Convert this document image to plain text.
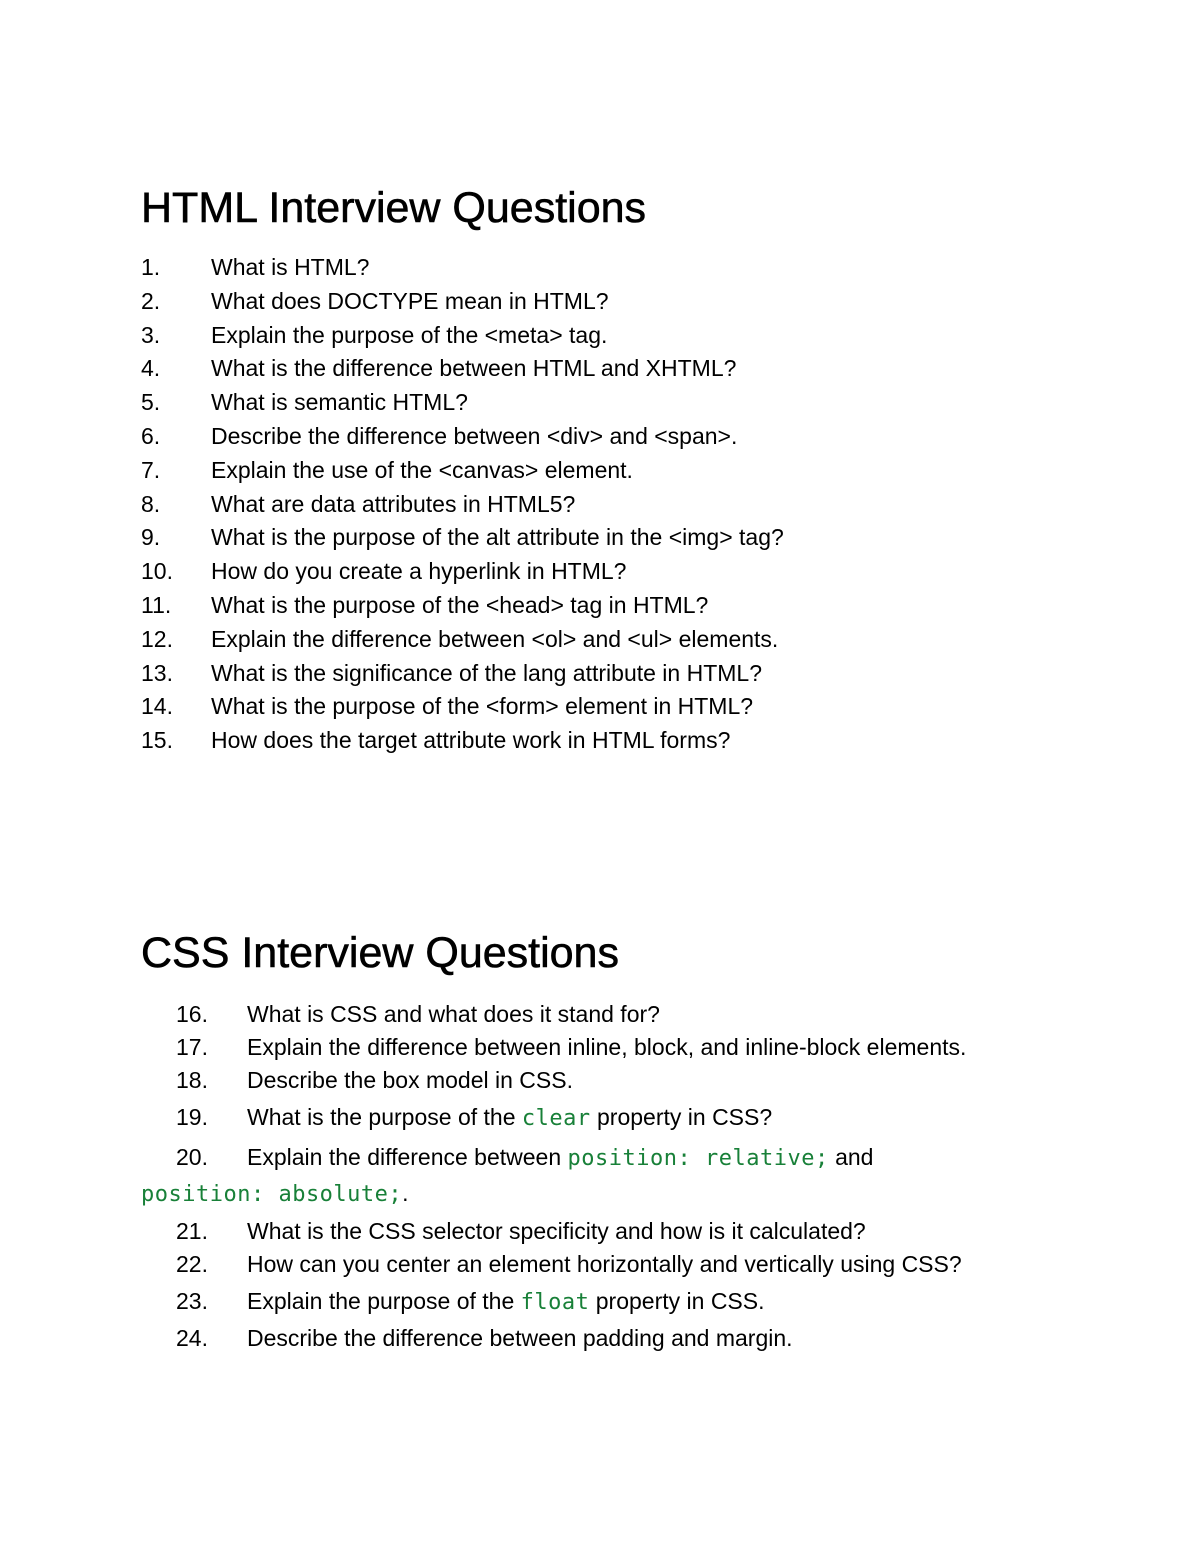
HTML Interview Questions
1.	What is HTML?
2.	What does DOCTYPE mean in HTML?
3.	Explain the purpose of the <meta> tag.
4.	What is the difference between HTML and XHTML?
5.	What is semantic HTML?
6.	Describe the difference between <div> and <span>.
7.	Explain the use of the <canvas> element.
8.	What are data attributes in HTML5?
9.	What is the purpose of the alt attribute in the <img> tag?
10.	How do you create a hyperlink in HTML?
11.	What is the purpose of the <head> tag in HTML?
12.	Explain the difference between <ol> and <ul> elements.
13.	What is the significance of the lang attribute in HTML?
14.	What is the purpose of the <form> element in HTML?
15.	How does the target attribute work in HTML forms?
CSS Interview Questions
16.	What is CSS and what does it stand for?
17.	Explain the difference between inline, block, and inline-block elements.
18.	Describe the box model in CSS.
19.	What is the purpose of the clear property in CSS?
20.	Explain the difference between position: relative; and
position: absolute;.
21.	What is the CSS selector specificity and how is it calculated?
22.	How can you center an element horizontally and vertically using CSS?
23.	Explain the purpose of the float property in CSS.
24.	Describe the difference between padding and margin.
